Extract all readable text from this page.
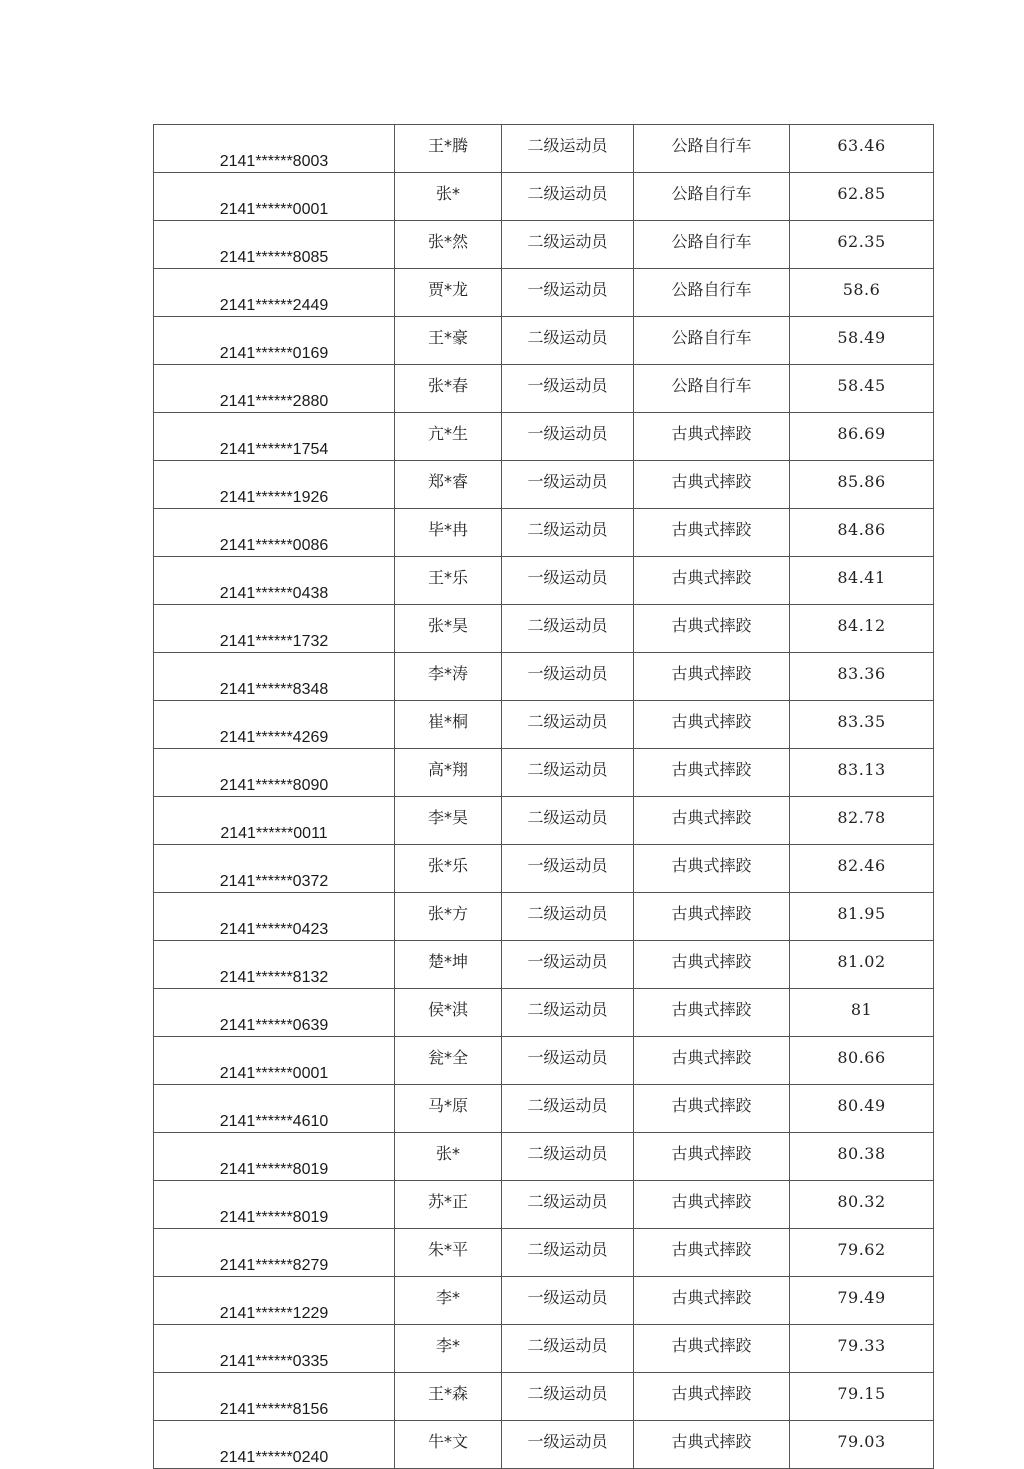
2141******8003	王*腾	二级运动员	公路自行车	63.46
2141******0001	张*	二级运动员	公路自行车	62.85
2141******8085	张*然	二级运动员	公路自行车	62.35
2141******2449	贾*龙	一级运动员	公路自行车	58.6
2141******0169	王*豪	二级运动员	公路自行车	58.49
2141******2880	张*春	一级运动员	公路自行车	58.45
2141******1754	亢*生	一级运动员	古典式摔跤	86.69
2141******1926	郑*睿	一级运动员	古典式摔跤	85.86
2141******0086	毕*冉	二级运动员	古典式摔跤	84.86
2141******0438	王*乐	一级运动员	古典式摔跤	84.41
2141******1732	张*昊	二级运动员	古典式摔跤	84.12
2141******8348	李*涛	一级运动员	古典式摔跤	83.36
2141******4269	崔*桐	二级运动员	古典式摔跤	83.35
2141******8090	高*翔	二级运动员	古典式摔跤	83.13
2141******0011	李*昊	二级运动员	古典式摔跤	82.78
2141******0372	张*乐	一级运动员	古典式摔跤	82.46
2141******0423	张*方	二级运动员	古典式摔跤	81.95
2141******8132	楚*坤	一级运动员	古典式摔跤	81.02
2141******0639	侯*淇	二级运动员	古典式摔跤	81
2141******0001	瓮*全	一级运动员	古典式摔跤	80.66
2141******4610	马*原	二级运动员	古典式摔跤	80.49
2141******8019	张*	二级运动员	古典式摔跤	80.38
2141******8019	苏*正	二级运动员	古典式摔跤	80.32
2141******8279	朱*平	二级运动员	古典式摔跤	79.62
2141******1229	李*	一级运动员	古典式摔跤	79.49
2141******0335	李*	二级运动员	古典式摔跤	79.33
2141******8156	王*森	二级运动员	古典式摔跤	79.15
2141******0240	牛*文	一级运动员	古典式摔跤	79.03
